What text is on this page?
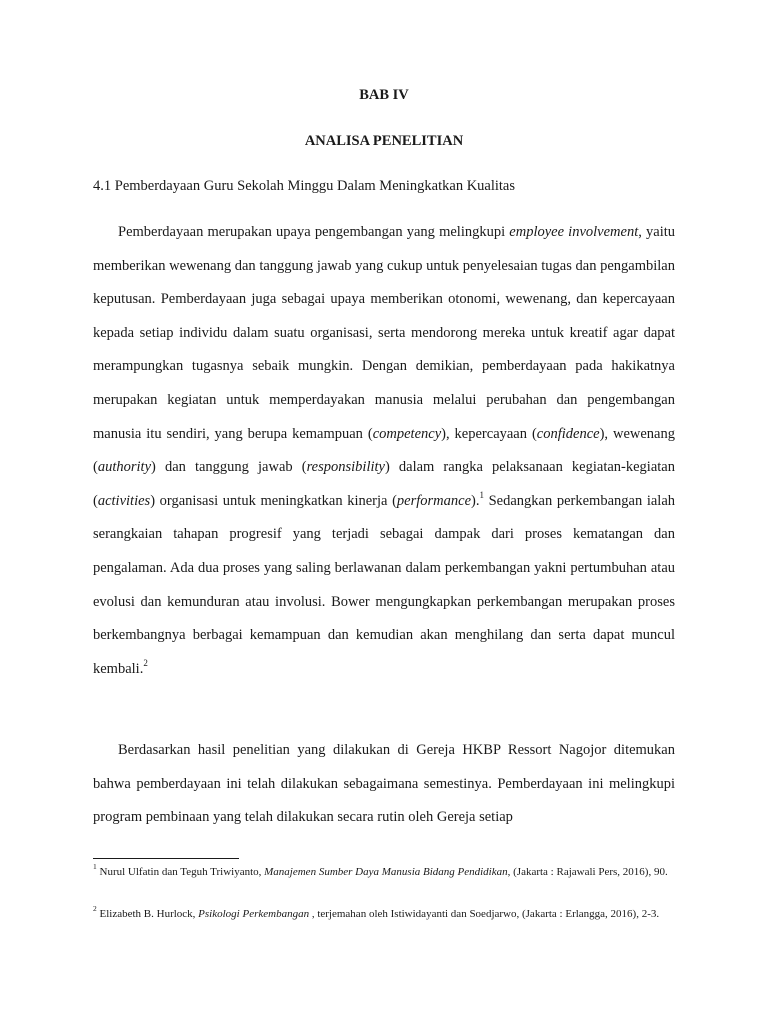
BAB IV
ANALISA PENELITIAN
4.1 Pemberdayaan Guru Sekolah Minggu Dalam Meningkatkan Kualitas

Pemberdayaan merupakan upaya pengembangan yang melingkupi employee involvement, yaitu memberikan wewenang dan tanggung jawab yang cukup untuk penyelesaian tugas dan pengambilan keputusan. Pemberdayaan juga sebagai upaya memberikan otonomi, wewenang, dan kepercayaan kepada setiap individu dalam suatu organisasi, serta mendorong mereka untuk kreatif agar dapat merampungkan tugasnya sebaik mungkin. Dengan demikian, pemberdayaan pada hakikatnya merupakan kegiatan untuk memperdayakan manusia melalui perubahan dan pengembangan manusia itu sendiri, yang berupa kemampuan (competency), kepercayaan (confidence), wewenang (authority) dan tanggung jawab (responsibility) dalam rangka pelaksanaan kegiatan-kegiatan (activities) organisasi untuk meningkatkan kinerja (performance).$^1$ Sedangkan perkembangan ialah serangkaian tahapan progresif yang terjadi sebagai dampak dari proses kematangan dan pengalaman. Ada dua proses yang saling berlawanan dalam perkembangan yakni pertumbuhan atau evolusi dan kemunduran atau involusi. Bower mengungkapkan perkembangan merupakan proses berkembangnya berbagai kemampuan dan kemudian akan menghilang dan serta dapat muncul kembali.$^2$

Berdasarkan hasil penelitian yang dilakukan di Gereja HKBP Ressort Nagojor ditemukan bahwa pemberdayaan ini telah dilakukan sebagaimana semestinya. Pemberdayaan ini melingkupi program pembinaan yang telah dilakukan secara rutin oleh Gereja setiap

$^1$ Nurul Ulfatin dan Teguh Triwiyanto, Manajemen Sumber Daya Manusia Bidang Pendidikan, (Jakarta : Rajawali Pers, 2016), 90.
$^2$ Elizabeth B. Hurlock, Psikologi Perkembangan , terjemahan oleh Istiwidayanti dan Soedjarwo, (Jakarta : Erlangga, 2016), 2-3.
